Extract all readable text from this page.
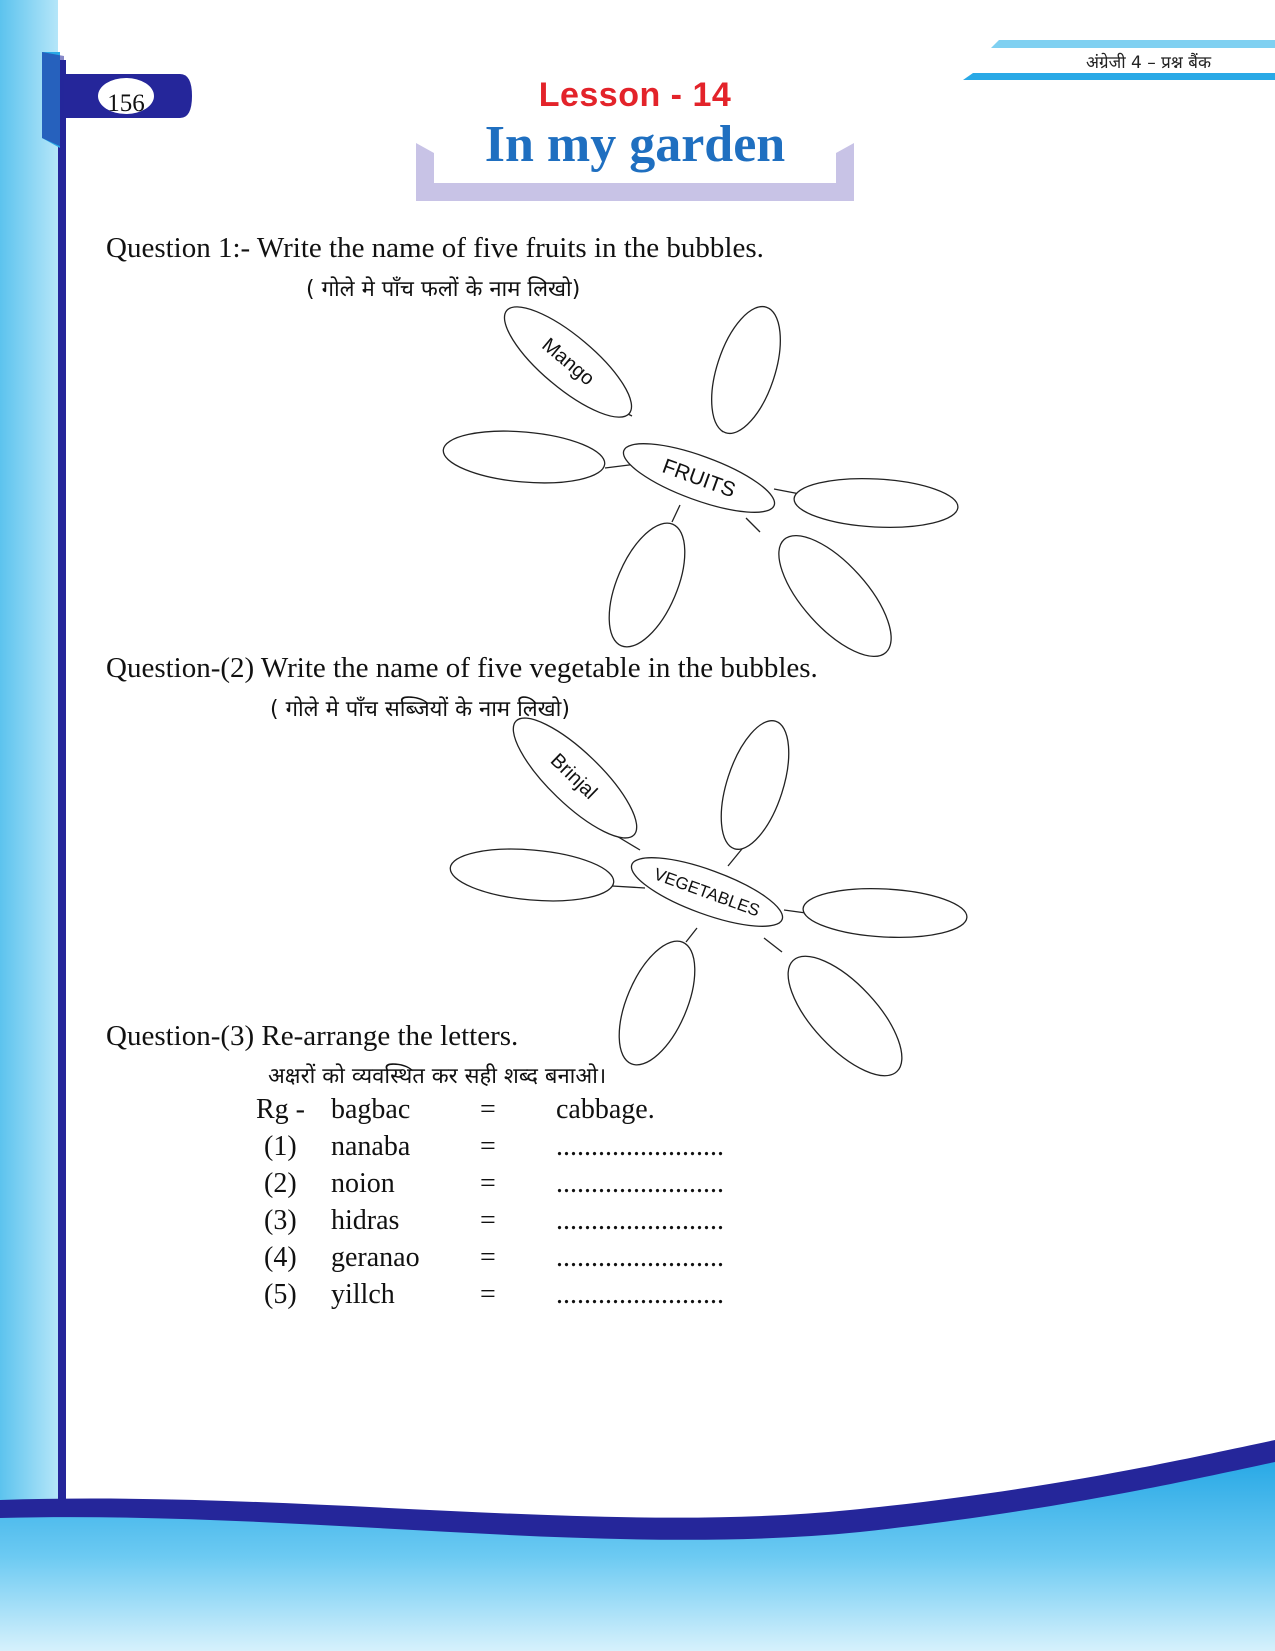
अंग्रेजी 4 – प्रश्न बैंक
156	Lesson - 14
In my garden
Question 1:- Write the name of five fruits in the bubbles.
( गोले मे पाँच फलों के नाम लिखो)
Mango
FRUITS
Question-(2) Write the name of five vegetable in the bubbles.
( गोले मे पाँच सब्जियों के नाम लिखो)
Brinjal
VEGETABLES
Question-(3) Re-arrange the letters.
अक्षरों को व्यवस्थित कर सही शब्द बनाओ।
Rg - bagbac = cabbage.
(1) nanaba = ........................
(2) noion	= ........................
(3) hidras	= ........................
(4) geranao = ........................
(5) yillch	= ........................
